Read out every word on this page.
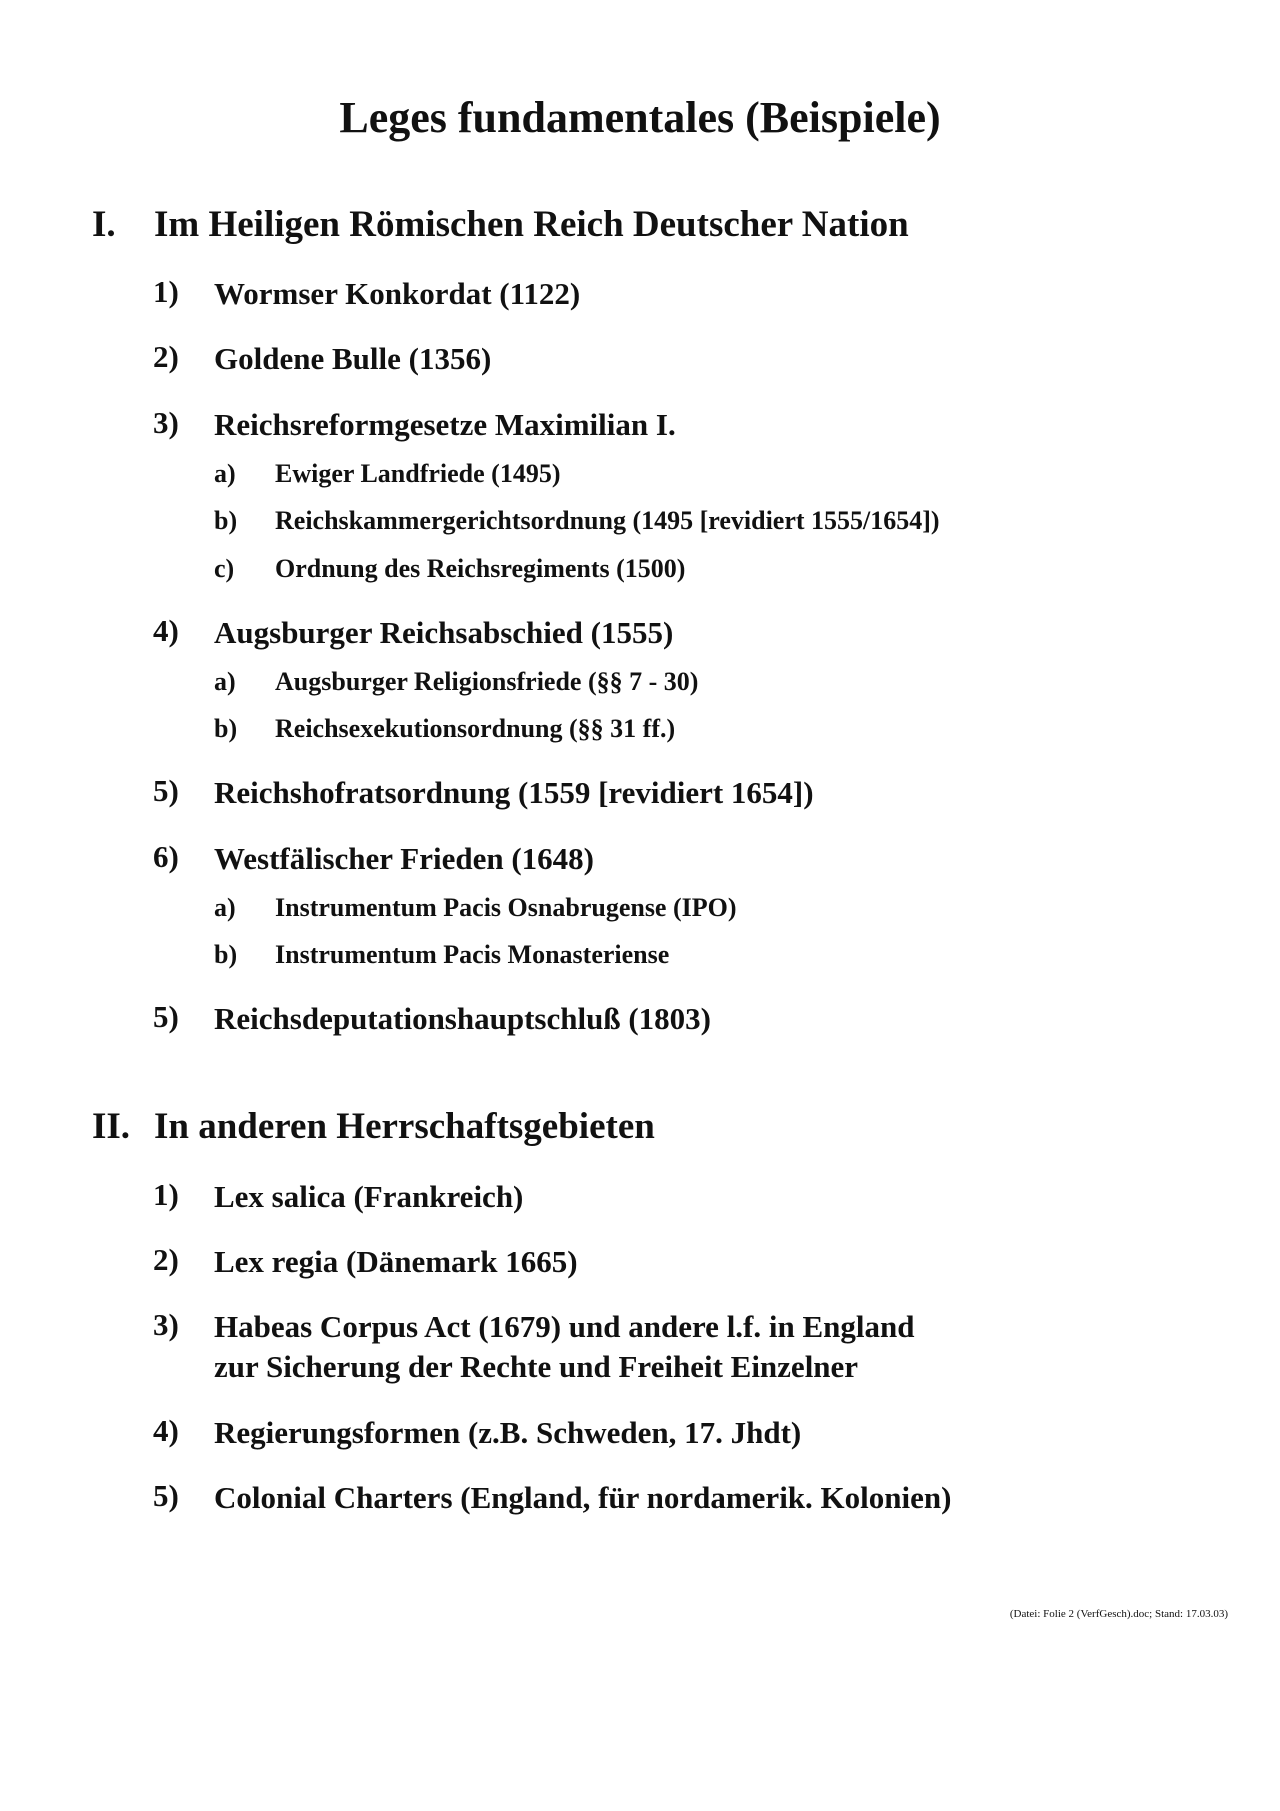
Leges fundamentales (Beispiele)
I. Im Heiligen Römischen Reich Deutscher Nation
1) Wormser Konkordat (1122)
2) Goldene Bulle (1356)
3) Reichsreformgesetze Maximilian I.
a) Ewiger Landfriede (1495)
b) Reichskammergerichtsordnung (1495 [revidiert 1555/1654])
c) Ordnung des Reichsregiments (1500)
4) Augsburger Reichsabschied (1555)
a) Augsburger Religionsfriede (§§ 7 - 30)
b) Reichsexekutionsordnung (§§ 31 ff.)
5) Reichshofratsordnung (1559 [revidiert 1654])
6) Westfälischer Frieden (1648)
a) Instrumentum Pacis Osnabrugense (IPO)
b) Instrumentum Pacis Monasteriense
5) Reichsdeputationshauptschluß (1803)
II. In anderen Herrschaftsgebieten
1) Lex salica (Frankreich)
2) Lex regia (Dänemark 1665)
3) Habeas Corpus Act (1679) und andere l.f. in England
zur Sicherung der Rechte und Freiheit Einzelner
4) Regierungsformen (z.B. Schweden, 17. Jhdt)
5) Colonial Charters (England, für nordamerik. Kolonien)
(Datei: Folie 2 (VerfGesch).doc; Stand: 17.03.03)
